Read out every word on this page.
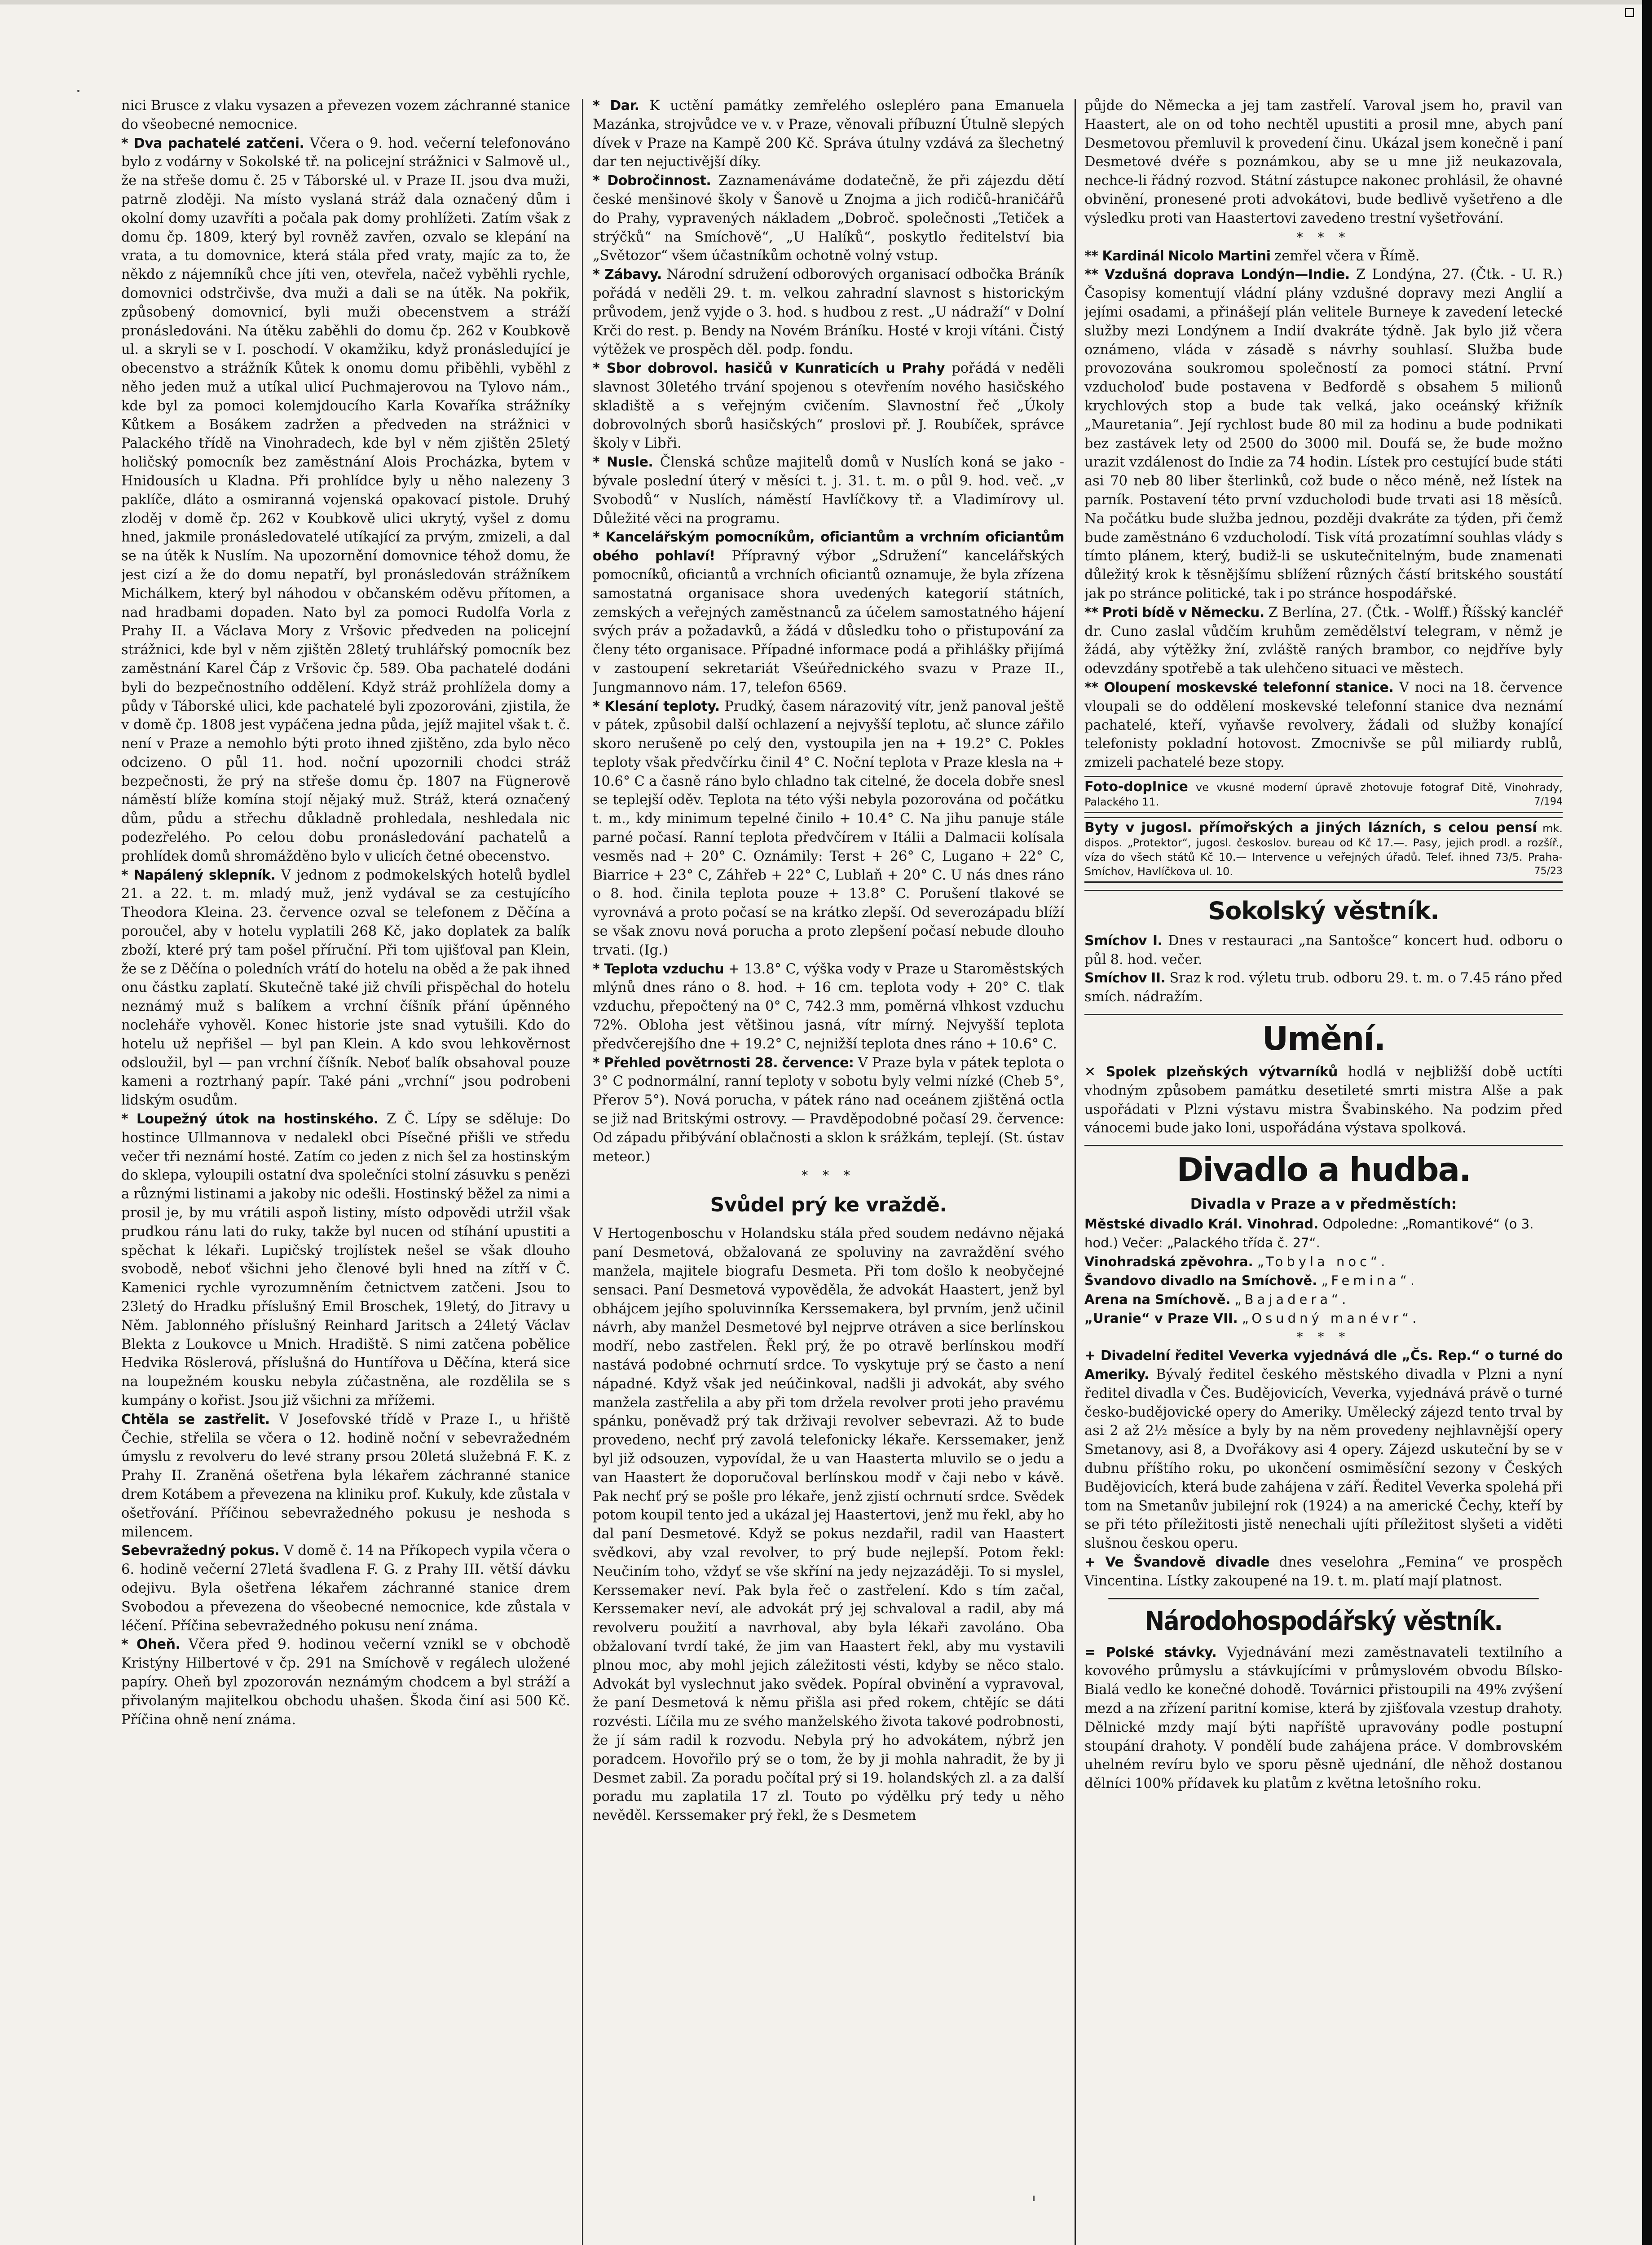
nici Brusce z vlaku vysazen a převezen vozem záchranné stanice do všeobecné nemocnice.

* Dva pachatelé zatčeni. Včera o 9. hod. večerní telefonováno bylo z vodárny v Sokolské tř. na policejní strážnici v Salmově ul., že na střeše domu č. 25 v Táborské ul. v Praze II. jsou dva muži, patrně zloději. Na místo vyslaná stráž dala označený dům i okolní domy uzavříti a počala pak domy prohlížeti. Zatím však z domu čp. 1809, který byl rovněž zavřen, ozvalo se klepání na vrata, a tu domovnice, která stála před vraty, majíc za to, že někdo z nájemníků chce jíti ven, otevřela, načež vyběhli rychle, domovnici odstrčivše, dva muži a dali se na útěk. Na pokřik, způsobený domovnicí, byli muži obecenstvem a stráží pronásledováni. Na útěku zaběhli do domu čp. 262 v Koubkově ul. a skryli se v I. poschodí. V okamžiku, když pronásledující je obecenstvo a strážník Kůtek k onomu domu přiběhli, vyběhl z něho jeden muž a utíkal ulicí Puchmajerovou na Tylovo nám., kde byl za pomoci kolemjdoucího Karla Kovaříka strážníky Kůtkem a Bosákem zadržen a předveden na strážnici v Palackého třídě na Vinohradech, kde byl v něm zjištěn 25letý holičský pomocník bez zaměstnání Alois Procházka, bytem v Hnidousích u Kladna. Při prohlídce byly u něho nalezeny 3 paklíče, dláto a osmiranná vojenská opakovací pistole. Druhý zloděj v domě čp. 262 v Koubkově ulici ukrytý, vyšel z domu hned, jakmile pronásledovatelé utíkající za prvým, zmizeli, a dal se na útěk k Nuslím. Na upozornění domovnice téhož domu, že jest cizí a že do domu nepatří, byl pronásledován strážníkem Michálkem, který byl náhodou v občanském oděvu přítomen, a nad hradbami dopaden. Nato byl za pomoci Rudolfa Vorla z Prahy II. a Václava Mory z Vršovic předveden na policejní strážnici, kde byl v něm zjištěn 28letý truhlářský pomocník bez zaměstnání Karel Čáp z Vršovic čp. 589. Oba pachatelé dodáni byli do bezpečnostního oddělení. Když stráž prohlížela domy a půdy v Táborské ulici, kde pachatelé byli zpozorováni, zjistila, že v domě čp. 1808 jest vypáčena jedna půda, jejíž majitel však t. č. není v Praze a nemohlo býti proto ihned zjištěno, zda bylo něco odcizeno. O půl 11. hod. noční upozornili chodci stráž bezpečnosti, že prý na střeše domu čp. 1807 na Fügnerově náměstí blíže komína stojí nějaký muž. Stráž, která označený dům, půdu a střechu důkladně prohledala, neshledala nic podezřelého. Po celou dobu pronásledování pachatelů a prohlídek domů shromážděno bylo v ulicích četné obecenstvo.

* Napálený sklepník. V jednom z podmokelských hotelů bydlel 21. a 22. t. m. mladý muž, jenž vydával se za cestujícího Theodora Kleina. 23. července ozval se telefonem z Děčína a poroučel, aby v hotelu vyplatili 268 Kč, jako doplatek za balík zboží, které prý tam pošel příruční. Při tom ujišťoval pan Klein, že se z Děčína o poledních vrátí do hotelu na oběd a že pak ihned onu částku zaplatí. Skutečně také již chvíli přispěchal do hotelu neznámý muž s balíkem a vrchní číšník přání úpěnného nocleháře vyhověl. Konec historie jste snad vytušili. Kdo do hotelu už nepřišel — byl pan Klein. A kdo svou lehkověrnost odsloužil, byl — pan vrchní číšník. Neboť balík obsahoval pouze kameni a roztrhaný papír. Také páni „vrchní“ jsou podrobeni lidským osudům.

* Loupežný útok na hostinského. Z Č. Lípy se sděluje: Do hostince Ullmannova v nedalekl obci Písečné přišli ve středu večer tři neznámí hosté. Zatím co jeden z nich šel za hostinským do sklepa, vyloupili ostatní dva společníci stolní zásuvku s penězi a různými listinami a jakoby nic odešli. Hostinský běžel za nimi a prosil je, by mu vrátili aspoň listiny, místo odpovědi utržil však prudkou ránu lati do ruky, takže byl nucen od stíhání upustiti a spěchat k lékaři. Lupičský trojlístek nešel se však dlouho svobodě, neboť všichni jeho členové byli hned na zítří v Č. Kamenici rychle vyrozumněním četnictvem zatčeni. Jsou to 23letý do Hradku příslušný Emil Broschek, 19letý, do Jitravy u Něm. Jablonného příslušný Reinhard Jaritsch a 24letý Václav Blekta z Loukovce u Mnich. Hradiště. S nimi zatčena pobělice Hedvika Röslerová, příslušná do Huntířova u Děčína, která sice na loupežném kousku nebyla zúčastněna, ale rozdělila se s kumpány o kořist. Jsou již všichni za mřížemi.

Chtěla se zastřelit. V Josefovské třídě v Praze I., u hřiště Čechie, střelila se včera o 12. hodině noční v sebevražedném úmyslu z revolveru do levé strany prsou 20letá služebná F. K. z Prahy II. Zraněná ošetřena byla lékařem záchranné stanice drem Kotábem a převezena na kliniku prof. Kukuly, kde zůstala v ošetřování. Příčinou sebevražedného pokusu je neshoda s milencem.

Sebevražedný pokus. V domě č. 14 na Příkopech vypila včera o 6. hodině večerní 27letá švadlena F. G. z Prahy III. větší dávku odejivu. Byla ošetřena lékařem záchranné stanice drem Svobodou a převezena do všeobecné nemocnice, kde zůstala v léčení. Příčina sebevražedného pokusu není známa.

* Oheň. Včera před 9. hodinou večerní vznikl se v obchodě Kristýny Hilbertové v čp. 291 na Smíchově v regálech uložené papíry. Oheň byl zpozorován neznámým chodcem a byl stráží a přivolaným majitelkou obchodu uhašen. Škoda činí asi 500 Kč. Příčina ohně není známa.

* Dar. K uctění památky zemřelého oslepléro pana Emanuela Mazánka, strojvůdce ve v. v Praze, věnovali příbuzní Útulně slepých dívek v Praze na Kampě 200 Kč. Správa útulny vzdává za šlechetný dar ten nejuctivější díky.

* Dobročinnost. Zaznamenáváme dodatečně, že při zájezdu dětí české menšinové školy v Šanově u Znojma a jich rodičů-hraničářů do Prahy, vypravených nákladem „Dobroč. společnosti „Tetiček a strýčků“ na Smíchově“, „U Halíků“, poskytlo ředitelství bia „Světozor“ všem účastníkům ochotně volný vstup.

* Zábavy. Národní sdružení odborových organisací odbočka Bráník pořádá v neděli 29. t. m. velkou zahradní slavnost s historickým průvodem, jenž vyjde o 3. hod. s hudbou z rest. „U nádraží“ v Dolní Krči do rest. p. Bendy na Novém Bráníku. Hosté v kroji vítáni. Čistý výtěžek ve prospěch děl. podp. fondu.

* Sbor dobrovol. hasičů v Kunraticích u Prahy pořádá v neděli slavnost 30letého trvání spojenou s otevřením nového hasičského skladiště a s veřejným cvičením. Slavnostní řeč „Úkoly dobrovolných sborů hasičských“ proslovi př. J. Roubíček, správce školy v Libři.

* Nusle. Členská schůze majitelů domů v Nuslích koná se jako - bývale poslední úterý v měsíci t. j. 31. t. m. o půl 9. hod. več. „v Svobodů“ v Nuslích, náměstí Havlíčkovy tř. a Vladimírovy ul. Důležité věci na programu.

* Kancelářským pomocníkům, oficiantům a vrchním oficiantům obého pohlaví! Přípravný výbor „Sdružení“ kancelářských pomocníků, oficiantů a vrchních oficiantů oznamuje, že byla zřízena samostatná organisace shora uvedených kategorií státních, zemských a veřejných zaměstnanců za účelem samostatného hájení svých práv a požadavků, a žádá v důsledku toho o přistupování za členy této organisace. Případné informace podá a přihlášky přijímá v zastoupení sekretariát Všeúřednického svazu v Praze II., Jungmannovo nám. 17, telefon 6569.

* Klesání teploty. Prudký, časem nárazovitý vítr, jenž panoval ještě v pátek, způsobil další ochlazení a nejvyšší teplotu, ač slunce zářilo skoro nerušeně po celý den, vystoupila jen na + 19.2° C. Pokles teploty však předvčírku činil 4° C. Noční teplota v Praze klesla na + 10.6° C a časně ráno bylo chladno tak citelné, že docela dobře snesl se teplejší oděv. Teplota na této výši nebyla pozorována od počátku t. m., kdy minimum tepelné činilo + 10.4° C. Na jihu panuje stále parné počasí. Ranní teplota předvčírem v Itálii a Dalmacii kolísala vesměs nad + 20° C. Oznámily: Terst + 26° C, Lugano + 22° C, Biarrice + 23° C, Záhřeb + 22° C, Lublaň + 20° C. U nás dnes ráno o 8. hod. činila teplota pouze + 13.8° C. Porušení tlakové se vyrovnává a proto počasí se na krátko zlepší. Od severozápadu blíží se však znovu nová porucha a proto zlepšení počasí nebude dlouho trvati. (Ig.)

* Teplota vzduchu + 13.8° C, výška vody v Praze u Staroměstských mlýnů dnes ráno o 8. hod. + 16 cm. teplota vody + 20° C. tlak vzduchu, přepočtený na 0° C, 742.3 mm, poměrná vlhkost vzduchu 72%. Obloha jest většinou jasná, vítr mírný. Nejvyšší teplota předvčerejšího dne + 19.2° C, nejnižší teplota dnes ráno + 10.6° C.

* Přehled povětrnosti 28. července: V Praze byla v pátek teplota o 3° C podnormální, ranní teploty v sobotu byly velmi nízké (Cheb 5°, Přerov 5°). Nová porucha, v pátek ráno nad oceánem zjištěná octla se již nad Britskými ostrovy. — Pravděpodobné počasí 29. července: Od západu přibývání oblačnosti a sklon k srážkám, teplejí. (St. ústav meteor.)

* * *
Svůdel prý ke vraždě.

V Hertogenboschu v Holandsku stála před soudem nedávno nějaká paní Desmetová, obžalovaná ze spoluviny na zavraždění svého manžela, majitele biografu Desmeta. Při tom došlo k neobyčejné sensaci. Paní Desmetová vypověděla, že advokát Haastert, jenž byl obhájcem jejího spoluvinníka Kerssemakera, byl prvním, jenž učinil návrh, aby manžel Desmetové byl nejprve otráven a sice berlínskou modří, nebo zastřelen. Řekl prý, že po otravě berlínskou modří nastává podobné ochrnutí srdce. To vyskytuje prý se často a není nápadné. Když však jed neúčinkoval, nadšli ji advokát, aby svého manžela zastřelila a aby při tom držela revolver proti jeho pravému spánku, poněvadž prý tak drživaji revolver sebevrazi. Až to bude provedeno, nechť prý zavolá telefonicky lékaře. Kerssemaker, jenž byl již odsouzen, vypovídal, že u van Haasterta mluvilo se o jedu a van Haastert že doporučoval berlínskou modř v čaji nebo v kávě. Pak nechť prý se pošle pro lékaře, jenž zjistí ochrnutí srdce. Svědek potom koupil tento jed a ukázal jej Haastertovi, jenž mu řekl, aby ho dal paní Desmetové. Když se pokus nezdařil, radil van Haastert svědkovi, aby vzal revolver, to prý bude nejlepší. Potom řekl: Neučiním toho, vždyť se vše skříní na jedy nejzazáději. To si myslel, Kerssemaker neví. Pak byla řeč o zastřelení. Kdo s tím začal, Kerssemaker neví, ale advokát prý jej schvaloval a radil, aby má revolveru použití a navrhoval, aby byla lékaři zavoláno. Oba obžalovaní tvrdí také, že jim van Haastert řekl, aby mu vystavili plnou moc, aby mohl jejich záležitosti vésti, kdyby se něco stalo. Advokát byl vyslechnut jako svědek. Popíral obvinění a vypravoval, že paní Desmetová k němu přišla asi před rokem, chtějíc se dáti rozvésti. Líčila mu ze svého manželského života takové podrobnosti, že jí sám radil k rozvodu. Nebyla prý ho advokátem, nýbrž jen poradcem. Hovořilo prý se o tom, že by ji mohla nahradit, že by ji Desmet zabil. Za poradu počítal prý si 19. holandských zl. a za další poradu mu zaplatila 17 zl. Touto po výdělku prý tedy u něho nevěděl. Kerssemaker prý řekl, že s Desmetem

půjde do Německa a jej tam zastřelí. Varoval jsem ho, pravil van Haastert, ale on od toho nechtěl upustiti a prosil mne, abych paní Desmetovou přemluvil k provedení činu. Ukázal jsem konečně i paní Desmetové dvéře s poznámkou, aby se u mne již neukazovala, nechce-li řádný rozvod. Státní zástupce nakonec prohlásil, že ohavné obvinění, pronesené proti advokátovi, bude bedlivě vyšetřeno a dle výsledku proti van Haastertovi zavedeno trestní vyšetřování.

* * *

** Kardinál Nicolo Martini zemřel včera v Římě.

** Vzdušná doprava Londýn—Indie. Z Londýna, 27. (Čtk. - U. R.) Časopisy komentují vládní plány vzdušné dopravy mezi Anglií a jejími osadami, a přinášejí plán velitele Burneye k zavedení letecké služby mezi Londýnem a Indií dvakráte týdně. Jak bylo již včera oznámeno, vláda v zásadě s návrhy souhlasí. Služba bude provozována soukromou společností za pomoci státní. První vzducholoď bude postavena v Bedfordě s obsahem 5 milionů krychlových stop a bude tak velká, jako oceánský křižník „Mauretania“. Její rychlost bude 80 mil za hodinu a bude podnikati bez zastávek lety od 2500 do 3000 mil. Doufá se, že bude možno urazit vzdálenost do Indie za 74 hodin. Lístek pro cestující bude státi asi 70 neb 80 liber šterlinků, což bude o něco méně, než lístek na parník. Postavení této první vzducholodi bude trvati asi 18 měsíců. Na počátku bude služba jednou, později dvakráte za týden, při čemž bude zaměstnáno 6 vzducholodí. Tisk vítá prozatímní souhlas vlády s tímto plánem, který, budiž-li se uskutečnitelným, bude znamenati důležitý krok k těsnějšímu sblížení různých částí britského soustátí jak po stránce politické, tak i po stránce hospodářské.

** Proti bídě v Německu. Z Berlína, 27. (Čtk. - Wolff.) Říšský kancléř dr. Cuno zaslal vůdčím kruhům zemědělství telegram, v němž je žádá, aby výtěžky žní, zvláště raných brambor, co nejdříve byly odevzdány spotřebě a tak ulehčeno situaci ve městech.

** Oloupení moskevské telefonní stanice. V noci na 18. července vloupali se do oddělení moskevské telefonní stanice dva neznámí pachatelé, kteří, vyňavše revolvery, žádali od služby konající telefonisty pokladní hotovost. Zmocnivše se půl miliardy rublů, zmizeli pachatelé beze stopy.

Foto-doplnice ve vkusné moderní úpravě zhotovuje fotograf Ditě, Vinohrady, Palackého 11.	7/194
Byty v jugosl. přímořských a jiných lázních, s celou pensí mk. dispos. „Protektor“, jugosl. českoslov. bureau od Kč 17.—. Pasy, jejich prodl. a rozšíř., víza do všech států Kč 10.— Intervence u veřejných úřadů. Telef. ihned 73/5. Praha-Smíchov, Havlíčkova ul. 10.	75/23
Sokolský věstník.

Smíchov I. Dnes v restauraci „na Santošce“ koncert hud. odboru o půl 8. hod. večer.

Smíchov II. Sraz k rod. výletu trub. odboru 29. t. m. o 7.45 ráno před smích. nádražím.

Umění.

✕ Spolek plzeňských výtvarníků hodlá v nejbližší době uctíti vhodným způsobem památku desetileté smrti mistra Alše a pak uspořádati v Plzni výstavu mistra Švabinského. Na podzim před vánocemi bude jako loni, uspořádána výstava spolková.

Divadlo a hudba.
Divadla v Praze a v předměstích:

Městské divadlo Král. Vinohrad. Odpoledne: „Romantikové“ (o 3. hod.) Večer: „Palackého třída č. 27“.

Vinohradská zpěvohra. „Tobyla noc“.

Švandovo divadlo na Smíchově. „Femina“.

Arena na Smíchově. „Bajadera“.

„Uranie“ v Praze VII. „Osudný manévr“.

* * *

+ Divadelní ředitel Veverka vyjednává dle „Čs. Rep.“ o turné do Ameriky. Bývalý ředitel českého městského divadla v Plzni a nyní ředitel divadla v Čes. Budějovicích, Veverka, vyjednává právě o turné česko-budějovické opery do Ameriky. Umělecký zájezd tento trval by asi 2 až 2½ měsíce a byly by na něm provedeny nejhlavnější opery Smetanovy, asi 8, a Dvořákovy asi 4 opery. Zájezd uskuteční by se v dubnu příštího roku, po ukončení osmiměsíční sezony v Českých Budějovicích, která bude zahájena v září. Ředitel Veverka spolehá při tom na Smetanův jubilejní rok (1924) a na americké Čechy, kteří by se při této příležitosti jistě nenechali ujíti příležitost slyšeti a viděti slušnou českou operu.

+ Ve Švandově divadle dnes veselohra „Femina“ ve prospěch Vincentina. Lístky zakoupené na 19. t. m. platí mají platnost.

Národohospodářský věstník.

= Polské stávky. Vyjednávání mezi zaměstnavateli textilního a kovového průmyslu a stávkujícími v průmyslovém obvodu Bílsko-Bialá vedlo ke konečné dohodě. Továrnici přistoupili na 49% zvýšení mezd a na zřízení paritní komise, která by zjišťovala vzestup drahoty. Dělnické mzdy mají býti napříště upravovány podle postupní stoupání drahoty. V pondělí bude zahájena práce. V dombrovském uhelném revíru bylo ve sporu pěsně ujednání, dle něhož dostanou dělníci 100% přídavek ku platům z května letošního roku.
